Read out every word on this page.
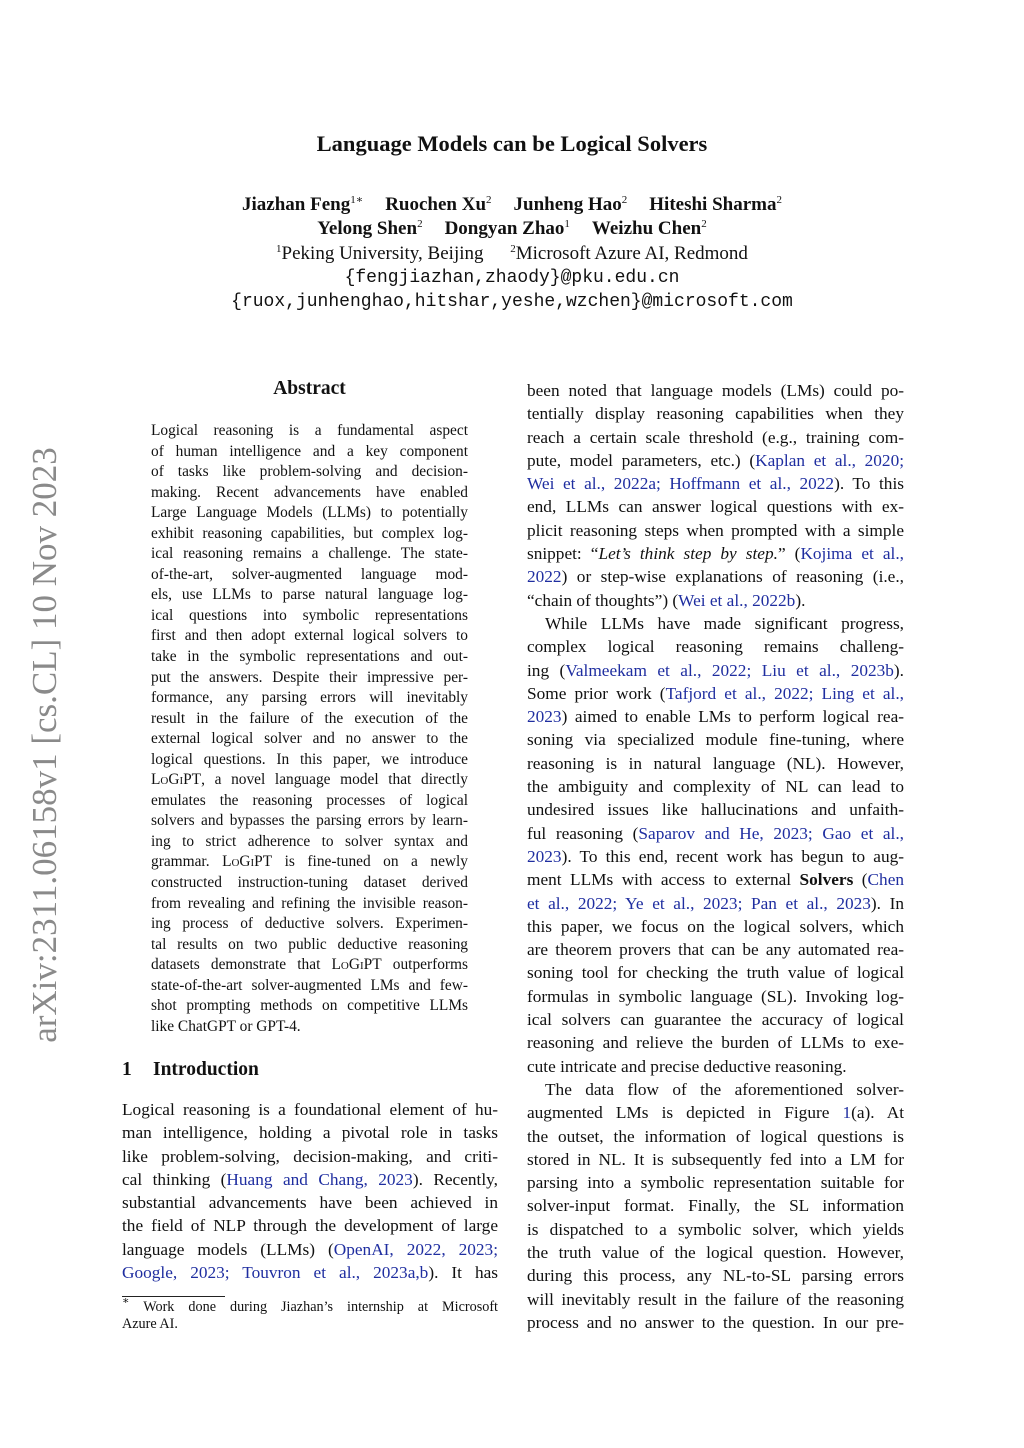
arXiv:2311.06158v1 [cs.CL] 10 Nov 2023
Language Models can be Logical Solvers
Jiazhan Feng$^{1∗}$ Ruochen Xu$^2$ Junheng Hao$^2$ Hiteshi Sharma$^2$
Yelong Shen$^2$ Dongyan Zhao$^1$ Weizhu Chen$^2$
$^1$Peking University, Beijing $^2$Microsoft Azure AI, Redmond
{fengjiazhan,zhaody}@pku.edu.cn
{ruox,junhenghao,hitshar,yeshe,wzchen}@microsoft.com
Abstract
Logical reasoning is a fundamental aspect
of human intelligence and a key component
of tasks like problem-solving and decision-
making. Recent advancements have enabled
Large Language Models (LLMs) to potentially
exhibit reasoning capabilities, but complex log-
ical reasoning remains a challenge. The state-
of-the-art, solver-augmented language mod-
els, use LLMs to parse natural language log-
ical questions into symbolic representations
first and then adopt external logical solvers to
take in the symbolic representations and out-
put the answers. Despite their impressive per-
formance, any parsing errors will inevitably
result in the failure of the execution of the
external logical solver and no answer to the
logical questions. In this paper, we introduce
LoGiPT, a novel language model that directly
emulates the reasoning processes of logical
solvers and bypasses the parsing errors by learn-
ing to strict adherence to solver syntax and
grammar. LoGiPT is fine-tuned on a newly
constructed instruction-tuning dataset derived
from revealing and refining the invisible reason-
ing process of deductive solvers. Experimen-
tal results on two public deductive reasoning
datasets demonstrate that LoGiPT outperforms
state-of-the-art solver-augmented LMs and few-
shot prompting methods on competitive LLMs
like ChatGPT or GPT-4.
1 Introduction
Logical reasoning is a foundational element of hu-
man intelligence, holding a pivotal role in tasks
like problem-solving, decision-making, and criti-
cal thinking (Huang and Chang, 2023). Recently,
substantial advancements have been achieved in
the field of NLP through the development of large
language models (LLMs) (OpenAI, 2022, 2023;
Google, 2023; Touvron et al., 2023a,b). It has
∗ Work done during Jiazhan’s internship at Microsoft
Azure AI.
been noted that language models (LMs) could po-
tentially display reasoning capabilities when they
reach a certain scale threshold (e.g., training com-
pute, model parameters, etc.) (Kaplan et al., 2020;
Wei et al., 2022a; Hoffmann et al., 2022). To this
end, LLMs can answer logical questions with ex-
plicit reasoning steps when prompted with a simple
snippet: “Let’s think step by step.” (Kojima et al.,
2022) or step-wise explanations of reasoning (i.e.,
“chain of thoughts”) (Wei et al., 2022b).
While LLMs have made significant progress,
complex logical reasoning remains challeng-
ing (Valmeekam et al., 2022; Liu et al., 2023b).
Some prior work (Tafjord et al., 2022; Ling et al.,
2023) aimed to enable LMs to perform logical rea-
soning via specialized module fine-tuning, where
reasoning is in natural language (NL). However,
the ambiguity and complexity of NL can lead to
undesired issues like hallucinations and unfaith-
ful reasoning (Saparov and He, 2023; Gao et al.,
2023). To this end, recent work has begun to aug-
ment LLMs with access to external Solvers (Chen
et al., 2022; Ye et al., 2023; Pan et al., 2023). In
this paper, we focus on the logical solvers, which
are theorem provers that can be any automated rea-
soning tool for checking the truth value of logical
formulas in symbolic language (SL). Invoking log-
ical solvers can guarantee the accuracy of logical
reasoning and relieve the burden of LLMs to exe-
cute intricate and precise deductive reasoning.
The data flow of the aforementioned solver-
augmented LMs is depicted in Figure 1(a). At
the outset, the information of logical questions is
stored in NL. It is subsequently fed into a LM for
parsing into a symbolic representation suitable for
solver-input format. Finally, the SL information
is dispatched to a symbolic solver, which yields
the truth value of the logical question. However,
during this process, any NL-to-SL parsing errors
will inevitably result in the failure of the reasoning
process and no answer to the question. In our pre-
